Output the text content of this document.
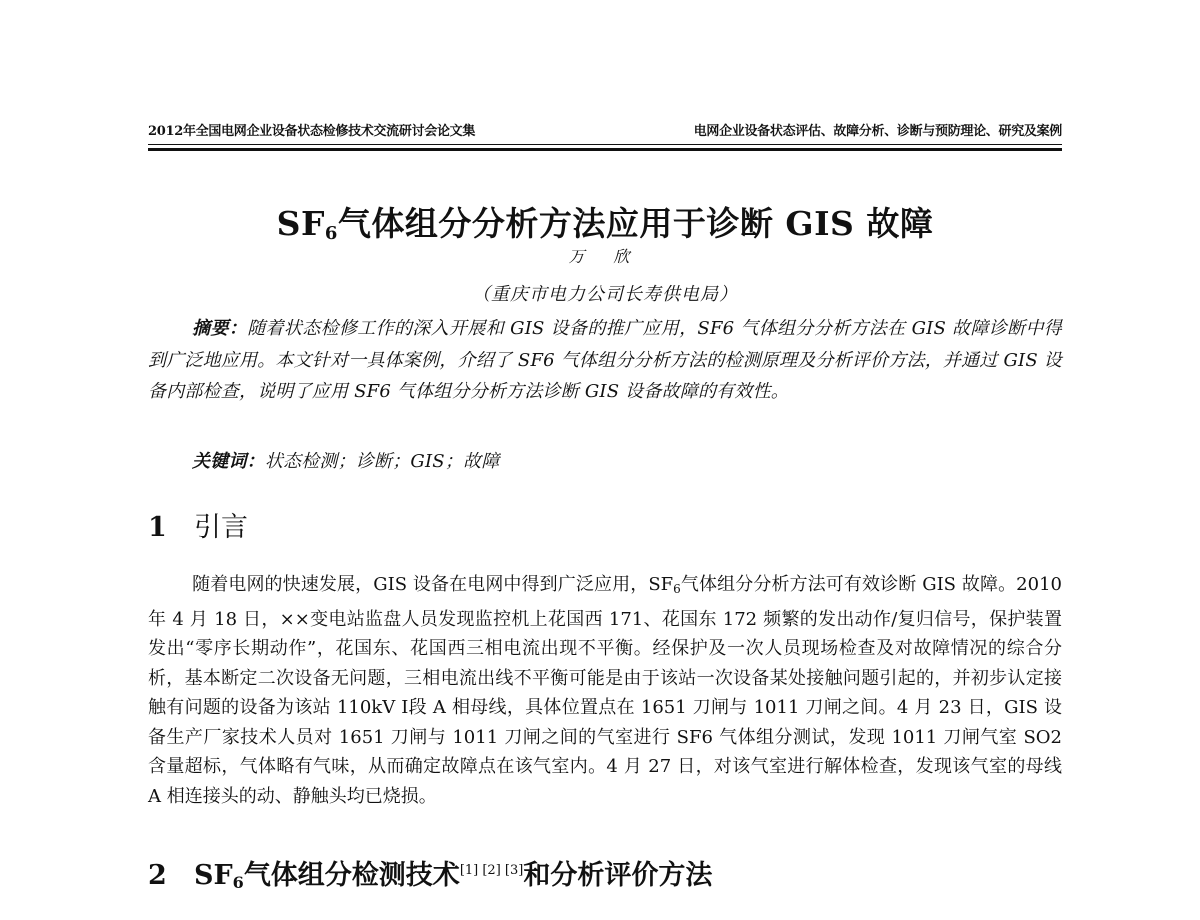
2012年全国电网企业设备状态检修技术交流研讨会论文集	电网企业设备状态评估、故障分析、诊断与预防理论、研究及案例
$SF_6$气体组分分析方法应用于诊断 GIS 故障
万 欣
（重庆市电力公司长寿供电局）
摘要：随着状态检修工作的深入开展和 GIS 设备的推广应用，SF6 气体组分分析方法在 GIS 故障诊断中得到广泛地应用。本文针对一具体案例，介绍了 SF6 气体组分分析方法的检测原理及分析评价方法，并通过 GIS 设备内部检查，说明了应用 SF6 气体组分分析方法诊断 GIS 设备故障的有效性。
关键词：状态检测；诊断；GIS；故障
1 引言
随着电网的快速发展，GIS 设备在电网中得到广泛应用，$SF_6$气体组分分析方法可有效诊断 GIS 故障。2010 年 4 月 18 日，××变电站监盘人员发现监控机上花国西 171、花国东 172 频繁的发出动作/复归信号，保护装置发出“零序长期动作”，花国东、花国西三相电流出现不平衡。经保护及一次人员现场检查及对故障情况的综合分析，基本断定二次设备无问题，三相电流出线不平衡可能是由于该站一次设备某处接触问题引起的，并初步认定接触有问题的设备为该站 110kV Ⅰ段 A 相母线，具体位置点在 1651 刀闸与 1011 刀闸之间。4 月 23 日，GIS 设备生产厂家技术人员对 1651 刀闸与 1011 刀闸之间的气室进行 SF6 气体组分测试，发现 1011 刀闸气室 SO2 含量超标，气体略有气味，从而确定故障点在该气室内。4 月 27 日，对该气室进行解体检查，发现该气室的母线 A 相连接头的动、静触头均已烧损。
2 $SF_6$气体组分检测技术[1] [2] [3]和分析评价方法
